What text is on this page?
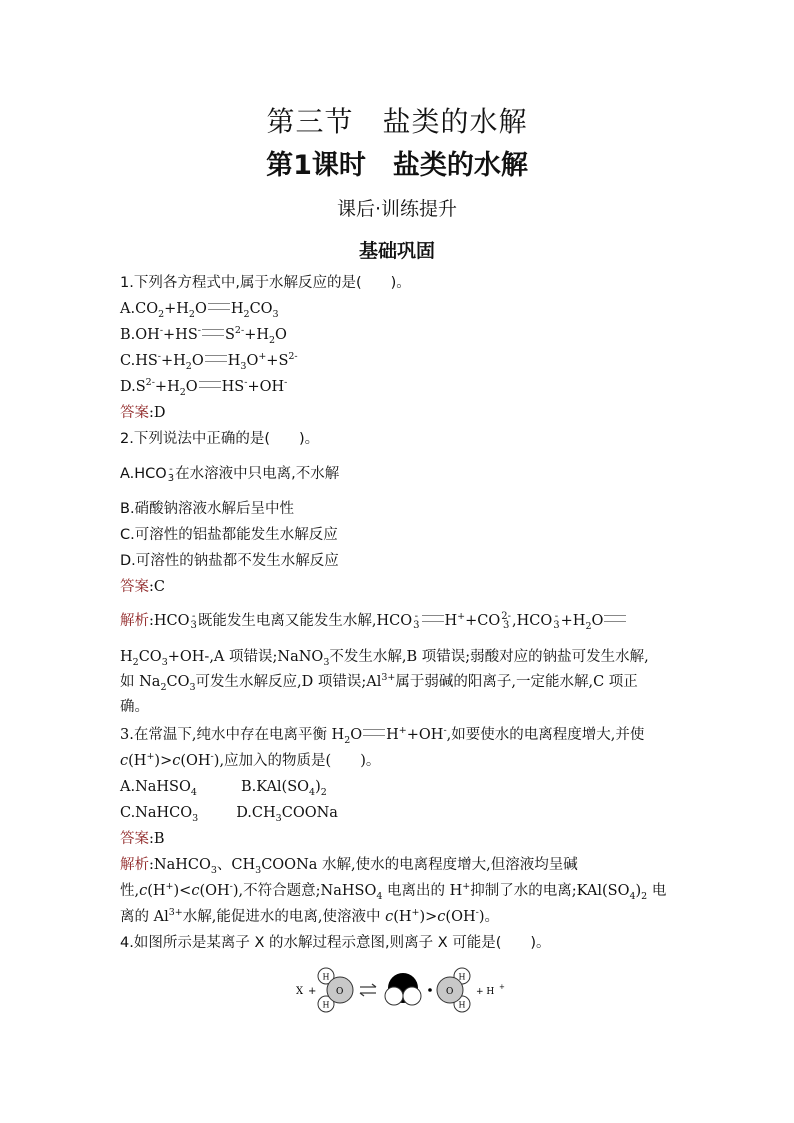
第三节　盐类的水解
第1课时　盐类的水解
课后·训练提升
基础巩固
1.下列各方程式中,属于水解反应的是(　　)。
$A.CO_2+H_2O$ $H_2CO_3$
B.OH-+HS- $S^{2-}+H_2O$
$C.HS^-+H_2O$ $H_3O^++S^{2-}$
$D.S^{2-}+H_2O$ HS-+OH-
答案:D
2.下列说法中正确的是(　　)。
A.HCO -
3 在水溶液中只电离,不水解
B.硝酸钠溶液水解后呈中性
C.可溶性的铝盐都能发生水解反应
D.可溶性的钠盐都不发生水解反应
答案:C
解析:HCO -
3 既能发生电离又能发生水解,HCO -
3 H++CO 2-
3 ,HCO -
$3 +H_2O$
$H_2CO_3+OH-,A$ 项错误;NaNO$_3$不发生水解,B 项错误;弱酸对应的钠盐可发生水解,
如 $Na_2CO_3$可发生水解反应,D 项错误$;Al^{3+}$属于弱碱的阳离子,一定能水解,C 项正
确。
3.在常温下,纯水中存在电离平衡 $H_2O$ H++OH-,如要使水的电离程度增大,并使
c(H+)>c(OH-),应加入的物质是(　　)。
A.NaHSO$_4$	$B.KAl(SO_4)_2$
C.NaHCO$_3$	$D.CH_3COONa$
答案:B
解析:NaHCO$_3$、$CH_3COONa$ 水解,使水的电离程度增大,但溶液均呈碱
性,c(H+)<c(OH-),不符合题意;NaHSO$_4$ 电离出的 H+抑制了水的电离$;KAl(SO_4)_2$ 电
离的 $Al^{3+}$水解,能促进水的电离,使溶液中 c(H+)>c(OH-)。
4.如图所示是某离子 X 的水解过程示意图,则离子 X 可能是(　　)。
X +
H
H
O
H
H
O	+ H +
